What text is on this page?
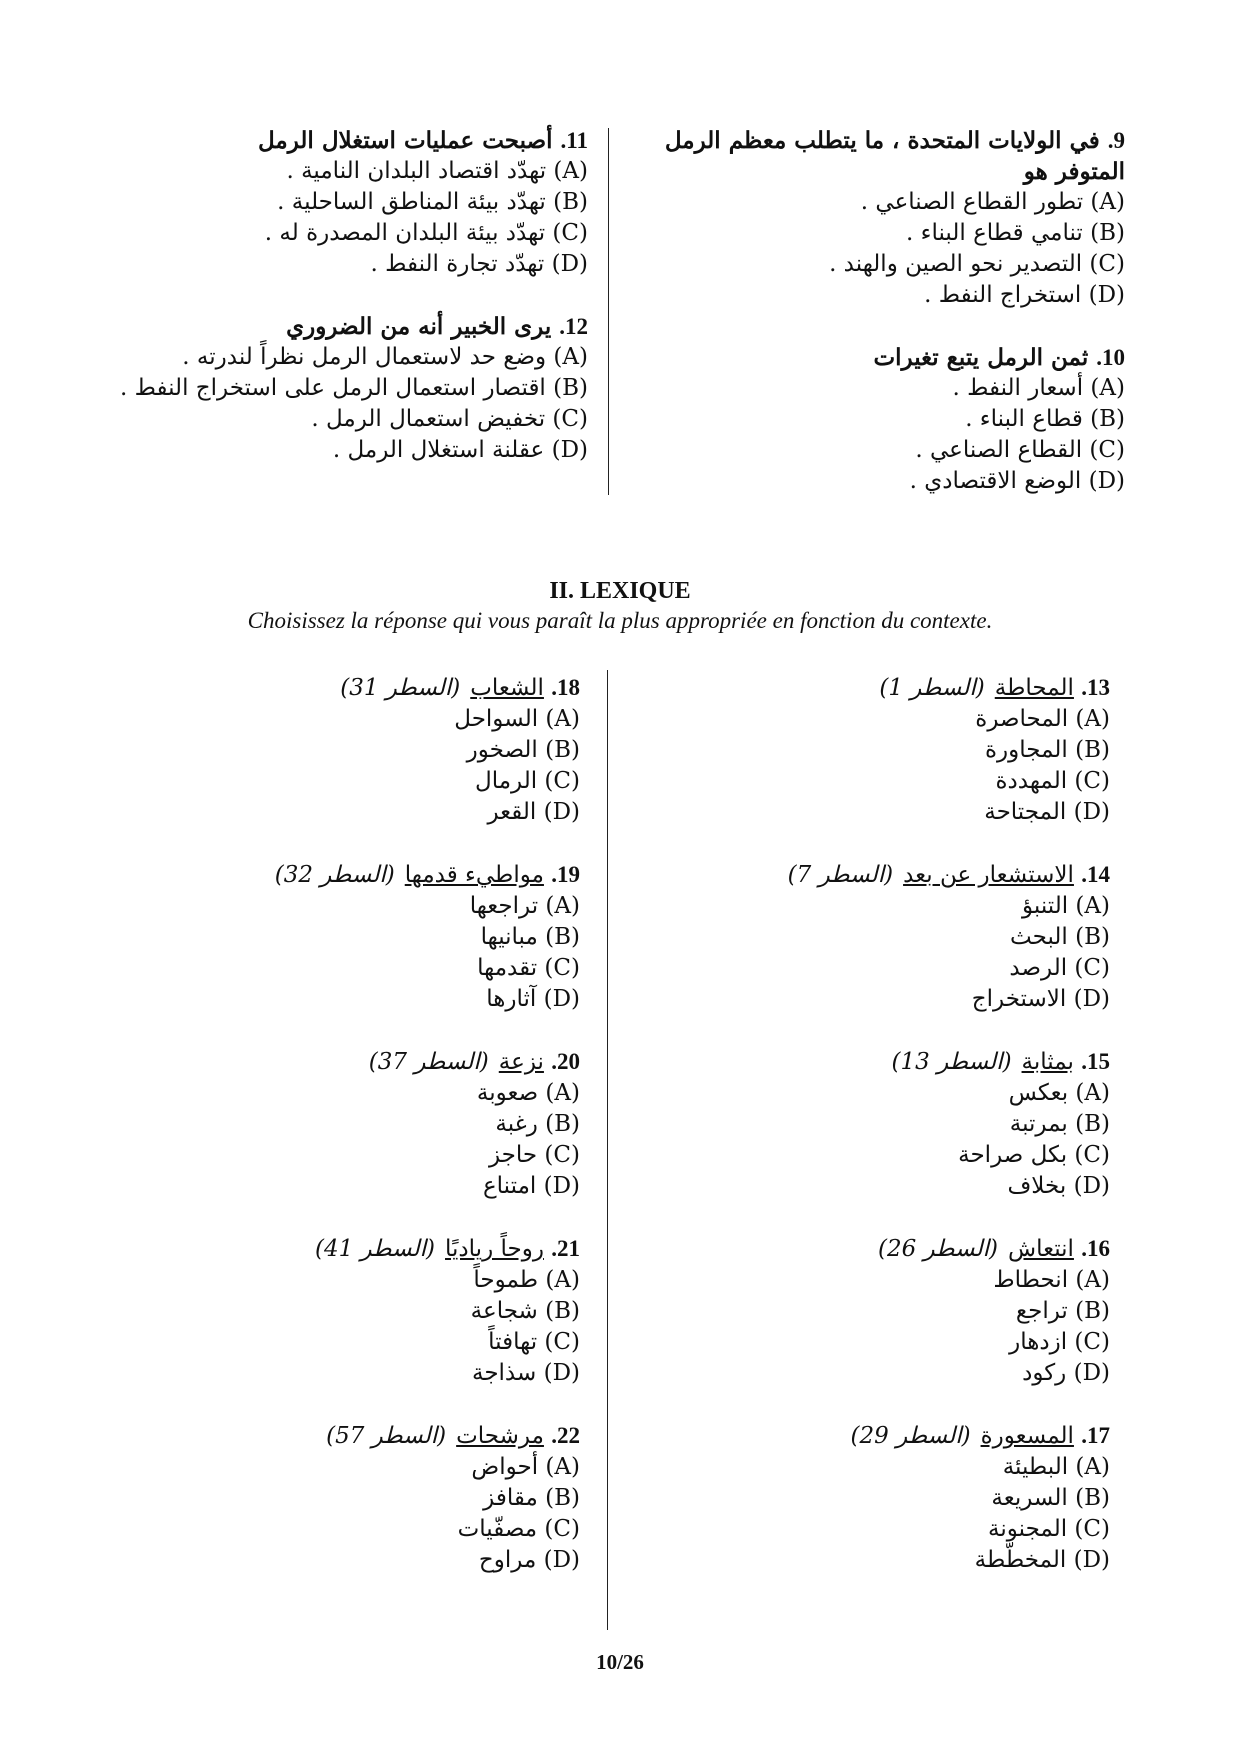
9. في الولايات المتحدة ، ما يتطلب معظم الرمل المتوفر هو
(A) تطور القطاع الصناعي .
(B) تنامي قطاع البناء .
(C) التصدير نحو الصين والهند .
(D) استخراج النفط .
10. ثمن الرمل يتبع تغيرات
(A) أسعار النفط .
(B) قطاع البناء .
(C) القطاع الصناعي .
(D) الوضع الاقتصادي .
11. أصبحت عمليات استغلال الرمل
(A) تهدّد اقتصاد البلدان النامية .
(B) تهدّد بيئة المناطق الساحلية .
(C) تهدّد بيئة البلدان المصدرة له .
(D) تهدّد تجارة النفط .
12. يرى الخبير أنه من الضروري
(A) وضع حد لاستعمال الرمل نظراً لندرته .
(B) اقتصار استعمال الرمل على استخراج النفط .
(C) تخفيض استعمال الرمل .
(D) عقلنة استغلال الرمل .
II. LEXIQUE
Choisissez la réponse qui vous paraît la plus appropriée en fonction du contexte.
13. المحاطة(السطر 1)
(A) المحاصرة
(B) المجاورة
(C) المهددة
(D) المجتاحة
14. الاستشعار عن بعد(السطر 7)
(A) التنبؤ
(B) البحث
(C) الرصد
(D) الاستخراج
15. بمثابة(السطر 13)
(A) بعكس
(B) بمرتبة
(C) بكل صراحة
(D) بخلاف
16. انتعاش(السطر 26)
(A) انحطاط
(B) تراجع
(C) ازدهار
(D) ركود
17. المسعورة(السطر 29)
(A) البطيئة
(B) السريعة
(C) المجنونة
(D) المخطّطة
18. الشعاب(السطر 31)
(A) السواحل
(B) الصخور
(C) الرمال
(D) القعر
19. مواطيء قدمها(السطر 32)
(A) تراجعها
(B) مبانيها
(C) تقدمها
(D) آثارها
20. نزعة(السطر 37)
(A) صعوبة
(B) رغبة
(C) حاجز
(D) امتناع
21. روحاً رياديًا(السطر 41)
(A) طموحاً
(B) شجاعة
(C) تهافتاً
(D) سذاجة
22. مرشحات(السطر 57)
(A) أحواض
(B) مقافز
(C) مصفّيات
(D) مراوح
10/26
